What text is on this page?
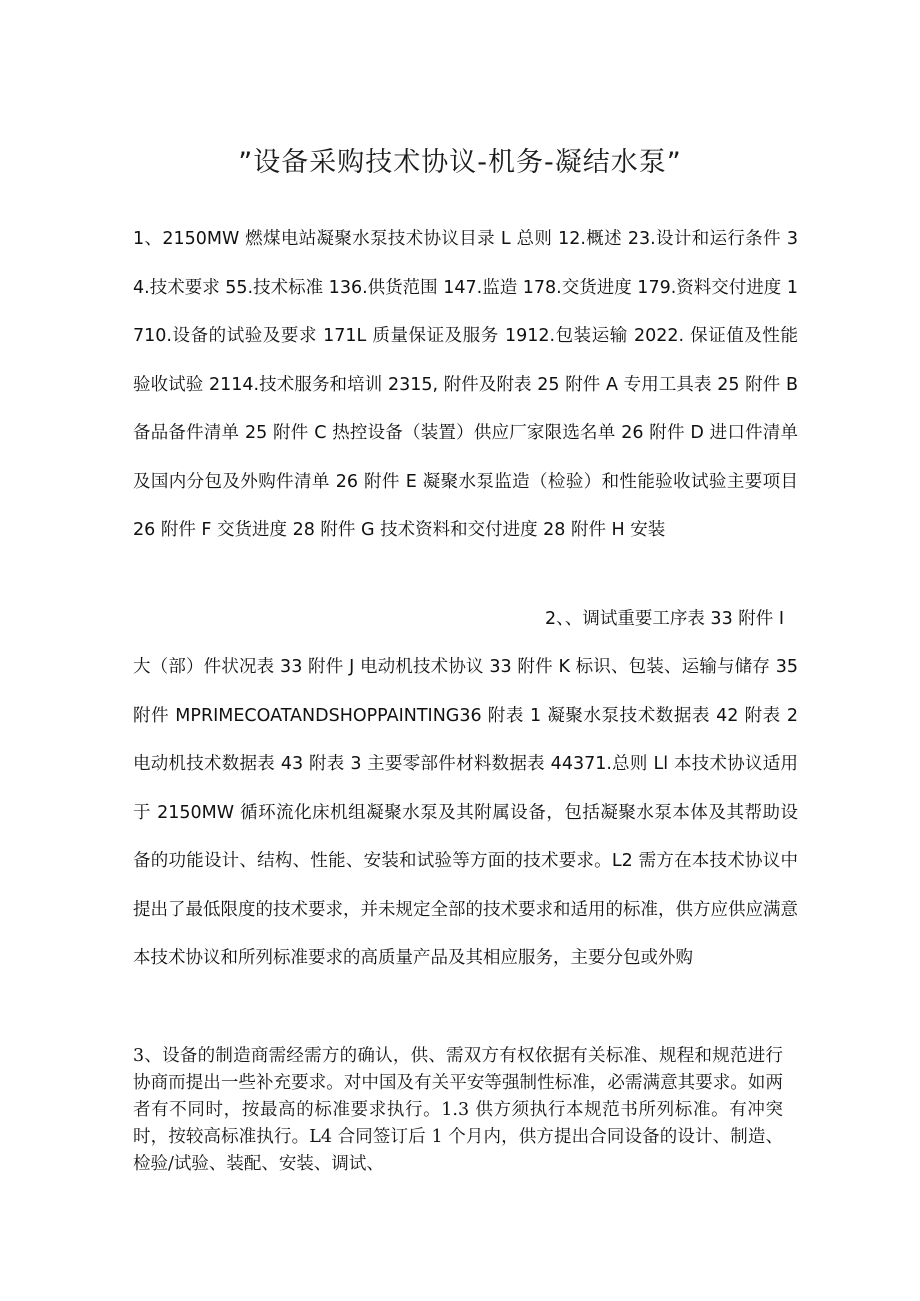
”设备采购技术协议-机务-凝结水泵”

1、2150MW 燃煤电站凝聚水泵技术协议目录 L 总则 12.概述 23.设计和运行条件 34.技术要求 55.技术标准 136.供货范围 147.监造 178.交货进度 179.资料交付进度 1710.设备的试验及要求 171L 质量保证及服务 1912.包装运输 2022. 保证值及性能验收试验 2114.技术服务和培训 2315, 附件及附表 25 附件 A 专用工具表 25 附件 B 备品备件清单 25 附件 C 热控设备（装置）供应厂家限选名单 26 附件 D 进口件清单及国内分包及外购件清单 26 附件 E 凝聚水泵监造（检验）和性能验收试验主要项目 26 附件 F 交货进度 28 附件 G 技术资料和交付进度 28 附件 H 安装

2、、调试重要工序表 33 附件 I

大（部）件状况表 33 附件 J 电动机技术协议 33 附件 K 标识、包装、运输与储存 35 附件 MPRIMECOATANDSHOPPAINTING36 附表 1 凝聚水泵技术数据表 42 附表 2 电动机技术数据表 43 附表 3 主要零部件材料数据表 44371.总则 Ll 本技术协议适用于 2150MW 循环流化床机组凝聚水泵及其附属设备，包括凝聚水泵本体及其帮助设备的功能设计、结构、性能、安装和试验等方面的技术要求。L2 需方在本技术协议中提出了最低限度的技术要求，并未规定全部的技术要求和适用的标准，供方应供应满意本技术协议和所列标准要求的高质量产品及其相应服务，主要分包或外购

3、设备的制造商需经需方的确认，供、需双方有权依据有关标准、规程和规范进行协商而提出一些补充要求。对中国及有关平安等强制性标准，必需满意其要求。如两者有不同时，按最高的标准要求执行。1.3 供方须执行本规范书所列标准。有冲突时，按较高标准执行。L4 合同签订后 1 个月内，供方提出合同设备的设计、制造、检验/试验、装配、安装、调试、
